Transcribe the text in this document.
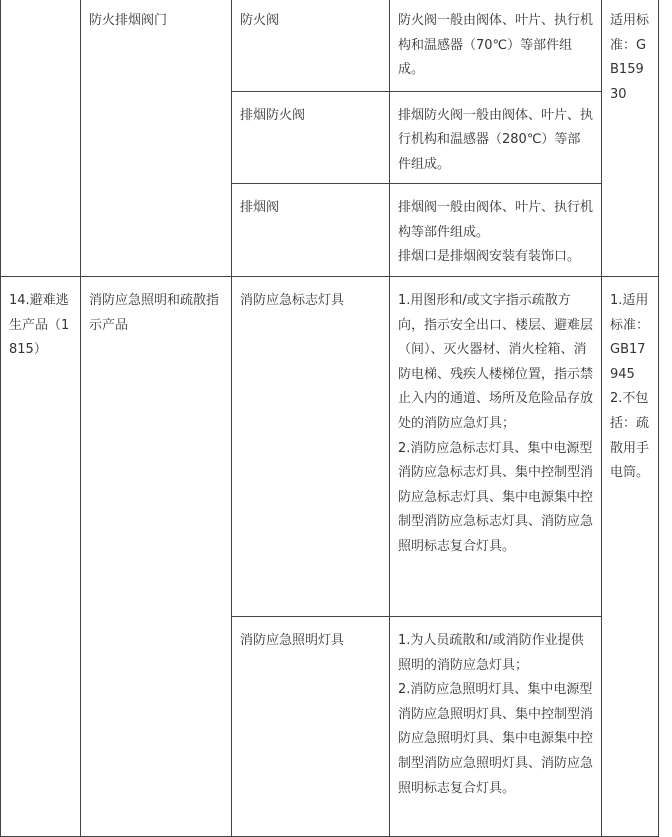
	防火排烟阀门	防火阀	防火阀一般由阀体、叶片、执行机构和温感器（70℃）等部件组成。	适用标准：GB15930

		排烟防火阀	排烟防火阀一般由阀体、叶片、执行机构和温感器（280℃）等部件组成。	

		排烟阀	排烟阀一般由阀体、叶片、执行机构等部件组成。
排烟口是排烟阀安装有装饰口。	

14.避难逃生产品（1815）	消防应急照明和疏散指示产品	消防应急标志灯具	1.用图形和/或文字指示疏散方向，指示安全出口、楼层、避难层（间）、灭火器材、消火栓箱、消防电梯、残疾人楼梯位置，指示禁止入内的通道、场所及危险品存放处的消防应急灯具；
2.消防应急标志灯具、集中电源型消防应急标志灯具、集中控制型消防应急标志灯具、集中电源集中控制型消防应急标志灯具、消防应急照明标志复合灯具。	1.适用标准：GB17945
2.不包括：疏散用手电筒。

		消防应急照明灯具	1.为人员疏散和/或消防作业提供照明的消防应急灯具；
2.消防应急照明灯具、集中电源型消防应急照明灯具、集中控制型消防应急照明灯具、集中电源集中控制型消防应急照明灯具、消防应急照明标志复合灯具。	
